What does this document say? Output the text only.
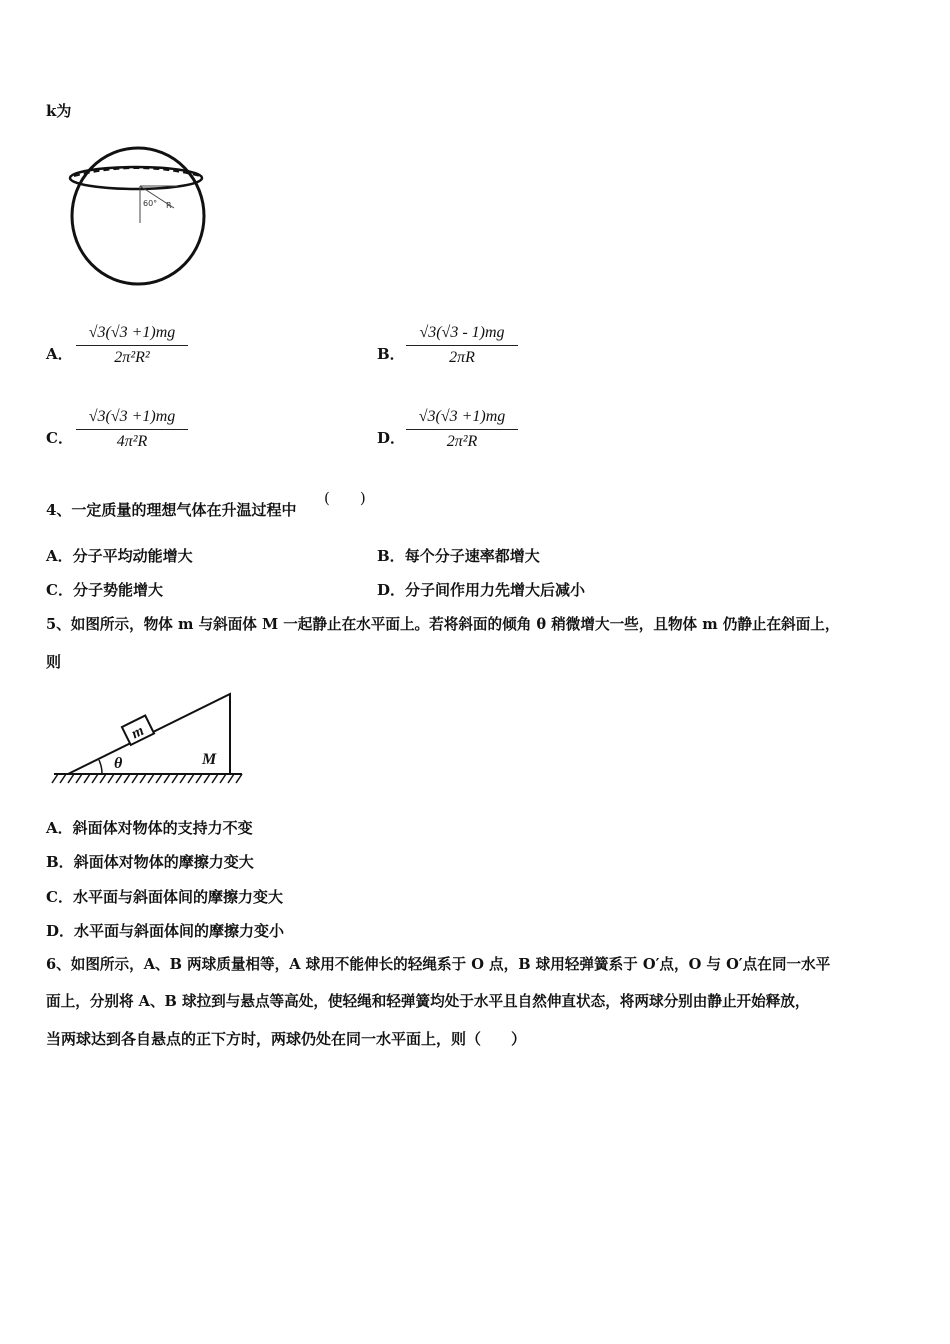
k为
60° R
A．
√3(√3 +1)mg
2π²R²	B．
√3(√3 - 1)mg
2πR
C．
√3(√3 +1)mg
4π²R	D．
√3(√3 +1)mg
2π²R
4、一定质量的理想气体在升温过程中
(　　)
A．分子平均动能增大	B．每个分子速率都增大
C．分子势能增大	D．分子间作用力先增大后减小
5、如图所示，物体 m 与斜面体 M 一起静止在水平面上。若将斜面的倾角 θ 稍微增大一些，且物体 m 仍静止在斜面上，
则
m
θ	M
A．斜面体对物体的支持力不变
B．斜面体对物体的摩擦力变大
C．水平面与斜面体间的摩擦力变大
D．水平面与斜面体间的摩擦力变小
6、如图所示，A、B 两球质量相等，A 球用不能伸长的轻绳系于 O 点，B 球用轻弹簧系于 O′点，O 与 O′点在同一水平
面上，分别将 A、B 球拉到与悬点等高处，使轻绳和轻弹簧均处于水平且自然伸直状态，将两球分别由静止开始释放，
当两球达到各自悬点的正下方时，两球仍处在同一水平面上，则（　　）
